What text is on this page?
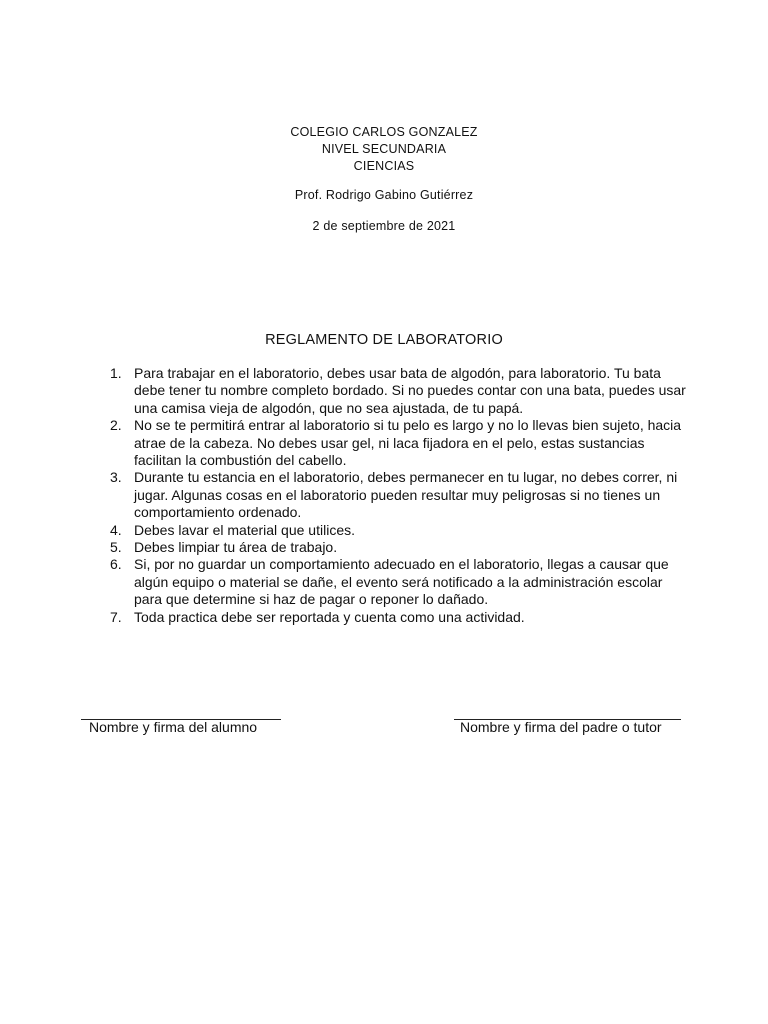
COLEGIO CARLOS GONZALEZ
NIVEL SECUNDARIA
CIENCIAS
Prof. Rodrigo Gabino Gutiérrez
2 de septiembre de 2021
REGLAMENTO DE LABORATORIO
1. Para trabajar en el laboratorio, debes usar bata de algodón, para laboratorio. Tu bata
debe tener tu nombre completo bordado. Si no puedes contar con una bata, puedes usar
una camisa vieja de algodón, que no sea ajustada, de tu papá.
2. No se te permitirá entrar al laboratorio si tu pelo es largo y no lo llevas bien sujeto, hacia
atrae de la cabeza. No debes usar gel, ni laca fijadora en el pelo, estas sustancias
facilitan la combustión del cabello.
3. Durante tu estancia en el laboratorio, debes permanecer en tu lugar, no debes correr, ni
jugar. Algunas cosas en el laboratorio pueden resultar muy peligrosas si no tienes un
comportamiento ordenado.
4. Debes lavar el material que utilices.
5. Debes limpiar tu área de trabajo.
6. Si, por no guardar un comportamiento adecuado en el laboratorio, llegas a causar que
algún equipo o material se dañe, el evento será notificado a la administración escolar
para que determine si haz de pagar o reponer lo dañado.
7. Toda practica debe ser reportada y cuenta como una actividad.
Nombre y firma del alumno	Nombre y firma del padre o tutor
